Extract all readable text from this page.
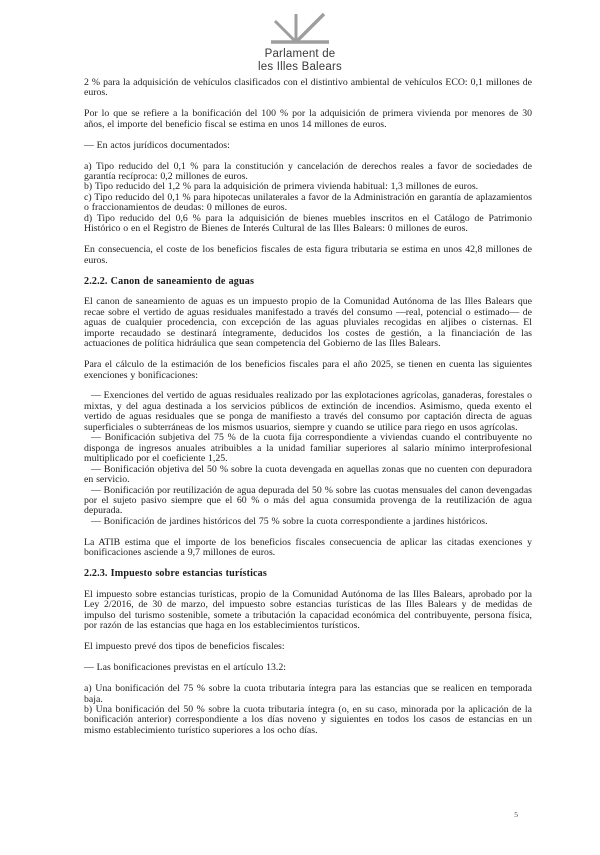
Parlament de
les Illes Balears

2 % para la adquisición de vehículos clasificados con el distintivo ambiental de vehículos ECO: 0,1 millones de euros.

Por lo que se refiere a la bonificación del 100 % por la adquisición de primera vivienda por menores de 30 años, el importe del beneficio fiscal se estima en unos 14 millones de euros.

— En actos jurídicos documentados:

a) Tipo reducido del 0,1 % para la constitución y cancelación de derechos reales a favor de sociedades de garantía recíproca: 0,2 millones de euros.

b) Tipo reducido del 1,2 % para la adquisición de primera vivienda habitual: 1,3 millones de euros.

c) Tipo reducido del 0,1 % para hipotecas unilaterales a favor de la Administración en garantía de aplazamientos o fraccionamientos de deudas: 0 millones de euros.

d) Tipo reducido del 0,6 % para la adquisición de bienes muebles inscritos en el Catálogo de Patrimonio Histórico o en el Registro de Bienes de Interés Cultural de las Illes Balears: 0 millones de euros.

En consecuencia, el coste de los beneficios fiscales de esta figura tributaria se estima en unos 42,8 millones de euros.

2.2.2. Canon de saneamiento de aguas

El canon de saneamiento de aguas es un impuesto propio de la Comunidad Autónoma de las Illes Balears que recae sobre el vertido de aguas residuales manifestado a través del consumo —real, potencial o estimado— de aguas de cualquier procedencia, con excepción de las aguas pluviales recogidas en aljibes o cisternas. El importe recaudado se destinará íntegramente, deducidos los costes de gestión, a la financiación de las actuaciones de política hidráulica que sean competencia del Gobierno de las Illes Balears.

Para el cálculo de la estimación de los beneficios fiscales para el año 2025, se tienen en cuenta las siguientes exenciones y bonificaciones:

— Exenciones del vertido de aguas residuales realizado por las explotaciones agrícolas, ganaderas, forestales o mixtas, y del agua destinada a los servicios públicos de extinción de incendios. Asimismo, queda exento el vertido de aguas residuales que se ponga de manifiesto a través del consumo por captación directa de aguas superficiales o subterráneas de los mismos usuarios, siempre y cuando se utilice para riego en usos agrícolas.

— Bonificación subjetiva del 75 % de la cuota fija correspondiente a viviendas cuando el contribuyente no disponga de ingresos anuales atribuibles a la unidad familiar superiores al salario mínimo interprofesional multiplicado por el coeficiente 1,25.

— Bonificación objetiva del 50 % sobre la cuota devengada en aquellas zonas que no cuenten con depuradora en servicio.

— Bonificación por reutilización de agua depurada del 50 % sobre las cuotas mensuales del canon devengadas por el sujeto pasivo siempre que el 60 % o más del agua consumida provenga de la reutilización de agua depurada.

— Bonificación de jardines históricos del 75 % sobre la cuota correspondiente a jardines históricos.

La ATIB estima que el importe de los beneficios fiscales consecuencia de aplicar las citadas exenciones y bonificaciones asciende a 9,7 millones de euros.

2.2.3. Impuesto sobre estancias turísticas

El impuesto sobre estancias turísticas, propio de la Comunidad Autónoma de las Illes Balears, aprobado por la Ley 2/2016, de 30 de marzo, del impuesto sobre estancias turísticas de las Illes Balears y de medidas de impulso del turismo sostenible, somete a tributación la capacidad económica del contribuyente, persona física, por razón de las estancias que haga en los establecimientos turísticos.

El impuesto prevé dos tipos de beneficios fiscales:

— Las bonificaciones previstas en el artículo 13.2:

a) Una bonificación del 75 % sobre la cuota tributaria íntegra para las estancias que se realicen en temporada baja.

b) Una bonificación del 50 % sobre la cuota tributaria íntegra (o, en su caso, minorada por la aplicación de la bonificación anterior) correspondiente a los días noveno y siguientes en todos los casos de estancias en un mismo establecimiento turístico superiores a los ocho días.

5
